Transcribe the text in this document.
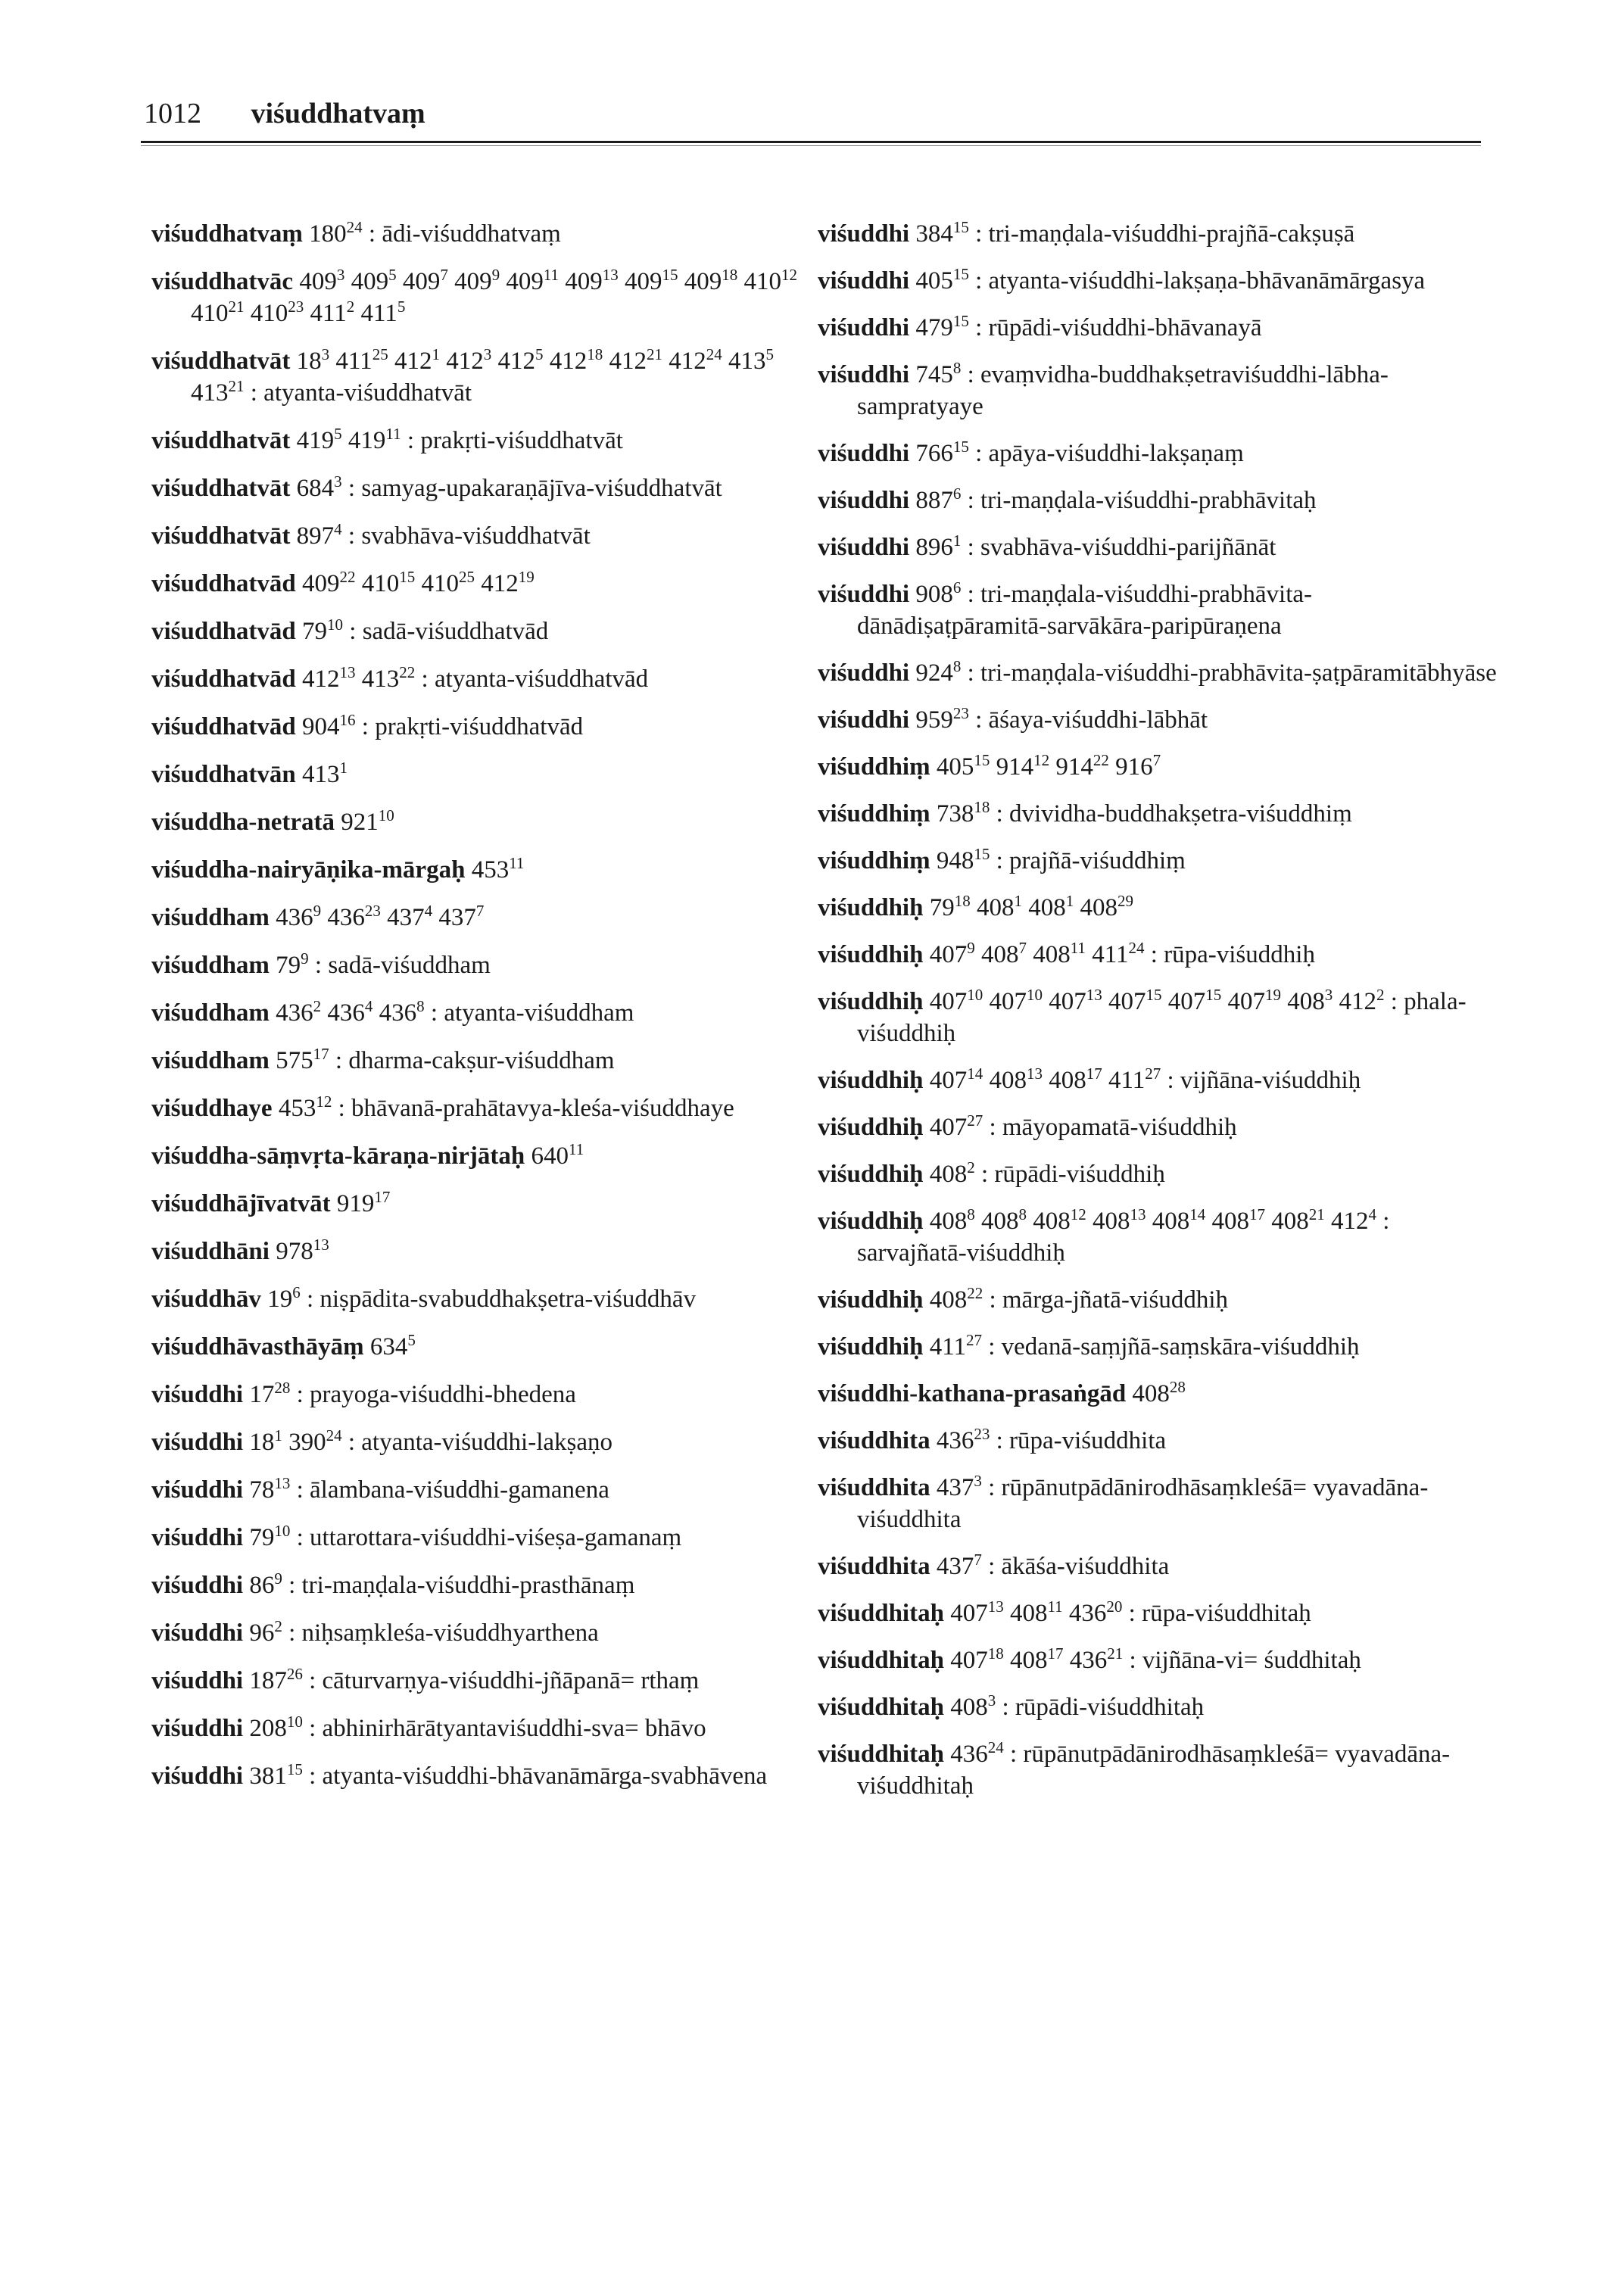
1012 viśuddhatvaṃ

viśuddhatvaṃ $180^{24}$ : ādi-viśuddhatvaṃ

viśuddhatvāc $409^3$ $409^5$ $409^7$ $409^9$ $409^{11}$ $409^{13}$ $409^{15}$ $409^{18}$ $410^{12}$ $410^{21}$ $410^{23}$ $411^2$ $411^5$

viśuddhatvāt $18^3$ $411^{25}$ $412^1$ $412^3$ $412^5$ $412^{18}$ $412^{21}$ $412^{24}$ $413^5$ $413^{21}$ : atyanta-viśuddhatvāt

viśuddhatvāt $419^5$ $419^{11}$ : prakṛti-viśuddhatvāt

viśuddhatvāt $684^3$ : samyag-upakaraṇājīva-viśuddhatvāt

viśuddhatvāt $897^4$ : svabhāva-viśuddhatvāt

viśuddhatvād $409^{22}$ $410^{15}$ $410^{25}$ $412^{19}$

viśuddhatvād $79^{10}$ : sadā-viśuddhatvād

viśuddhatvād $412^{13}$ $413^{22}$ : atyanta-viśuddhatvād

viśuddhatvād $904^{16}$ : prakṛti-viśuddhatvād

viśuddhatvān $413^1$

viśuddha-netratā $921^{10}$

viśuddha-nairyāṇika-mārgaḥ $453^{11}$

viśuddham $436^9$ $436^{23}$ $437^4$ $437^7$

viśuddham $79^9$ : sadā-viśuddham

viśuddham $436^2$ $436^4$ $436^8$ : atyanta-viśuddham

viśuddham $575^{17}$ : dharma-cakṣur-viśuddham

viśuddhaye $453^{12}$ : bhāvanā-prahātavya-kleśa-viśuddhaye

viśuddha-sāṃvṛta-kāraṇa-nirjātaḥ $640^{11}$

viśuddhājīvatvāt $919^{17}$

viśuddhāni $978^{13}$

viśuddhāv $19^6$ : niṣpādita-svabuddhakṣetra-viśuddhāv

viśuddhāvasthāyāṃ $634^5$

viśuddhi $17^{28}$ : prayoga-viśuddhi-bhedena

viśuddhi $18^1$ $390^{24}$ : atyanta-viśuddhi-lakṣaṇo

viśuddhi $78^{13}$ : ālambana-viśuddhi-gamanena

viśuddhi $79^{10}$ : uttarottara-viśuddhi-viśeṣa-gamanaṃ

viśuddhi $86^9$ : tri-maṇḍala-viśuddhi-prasthānaṃ

viśuddhi $96^2$ : niḥsaṃkleśa-viśuddhyarthena

viśuddhi $187^{26}$ : cāturvarṇya-viśuddhi-jñāpanā= rthaṃ

viśuddhi $208^{10}$ : abhinirhārātyantaviśuddhi-sva= bhāvo

viśuddhi $381^{15}$ : atyanta-viśuddhi-bhāvanāmārga-svabhāvena

viśuddhi $384^{15}$ : tri-maṇḍala-viśuddhi-prajñā-cakṣuṣā

viśuddhi $405^{15}$ : atyanta-viśuddhi-lakṣaṇa-bhāvanāmārgasya

viśuddhi $479^{15}$ : rūpādi-viśuddhi-bhāvanayā

viśuddhi $745^8$ : evaṃvidha-buddhakṣetraviśuddhi-lābha-sampratyaye

viśuddhi $766^{15}$ : apāya-viśuddhi-lakṣaṇaṃ

viśuddhi $887^6$ : tri-maṇḍala-viśuddhi-prabhāvitaḥ

viśuddhi $896^1$ : svabhāva-viśuddhi-parijñānāt

viśuddhi $908^6$ : tri-maṇḍala-viśuddhi-prabhāvita-dānādiṣaṭpāramitā-sarvākāra-paripūraṇena

viśuddhi $924^8$ : tri-maṇḍala-viśuddhi-prabhāvita-ṣaṭpāramitābhyāse

viśuddhi $959^{23}$ : āśaya-viśuddhi-lābhāt

viśuddhiṃ $405^{15}$ $914^{12}$ $914^{22}$ $916^7$

viśuddhiṃ $738^{18}$ : dvividha-buddhakṣetra-viśuddhiṃ

viśuddhiṃ $948^{15}$ : prajñā-viśuddhiṃ

viśuddhiḥ $79^{18}$ $408^1$ $408^1$ $408^{29}$

viśuddhiḥ $407^9$ $408^7$ $408^{11}$ $411^{24}$ : rūpa-viśuddhiḥ

viśuddhiḥ $407^{10}$ $407^{10}$ $407^{13}$ $407^{15}$ $407^{15}$ $407^{19}$ $408^3$ $412^2$ : phala-viśuddhiḥ

viśuddhiḥ $407^{14}$ $408^{13}$ $408^{17}$ $411^{27}$ : vijñāna-viśuddhiḥ

viśuddhiḥ $407^{27}$ : māyopamatā-viśuddhiḥ

viśuddhiḥ $408^2$ : rūpādi-viśuddhiḥ

viśuddhiḥ $408^8$ $408^8$ $408^{12}$ $408^{13}$ $408^{14}$ $408^{17}$ $408^{21}$ $412^4$ : sarvajñatā-viśuddhiḥ

viśuddhiḥ $408^{22}$ : mārga-jñatā-viśuddhiḥ

viśuddhiḥ $411^{27}$ : vedanā-saṃjñā-saṃskāra-viśuddhiḥ

viśuddhi-kathana-prasaṅgād $408^{28}$

viśuddhita $436^{23}$ : rūpa-viśuddhita

viśuddhita $437^3$ : rūpānutpādānirodhāsaṃkleśā= vyavadāna-viśuddhita

viśuddhita $437^7$ : ākāśa-viśuddhita

viśuddhitaḥ $407^{13}$ $408^{11}$ $436^{20}$ : rūpa-viśuddhitaḥ

viśuddhitaḥ $407^{18}$ $408^{17}$ $436^{21}$ : vijñāna-vi= śuddhitaḥ

viśuddhitaḥ $408^3$ : rūpādi-viśuddhitaḥ

viśuddhitaḥ $436^{24}$ : rūpānutpādānirodhāsaṃkleśā= vyavadāna-viśuddhitaḥ
